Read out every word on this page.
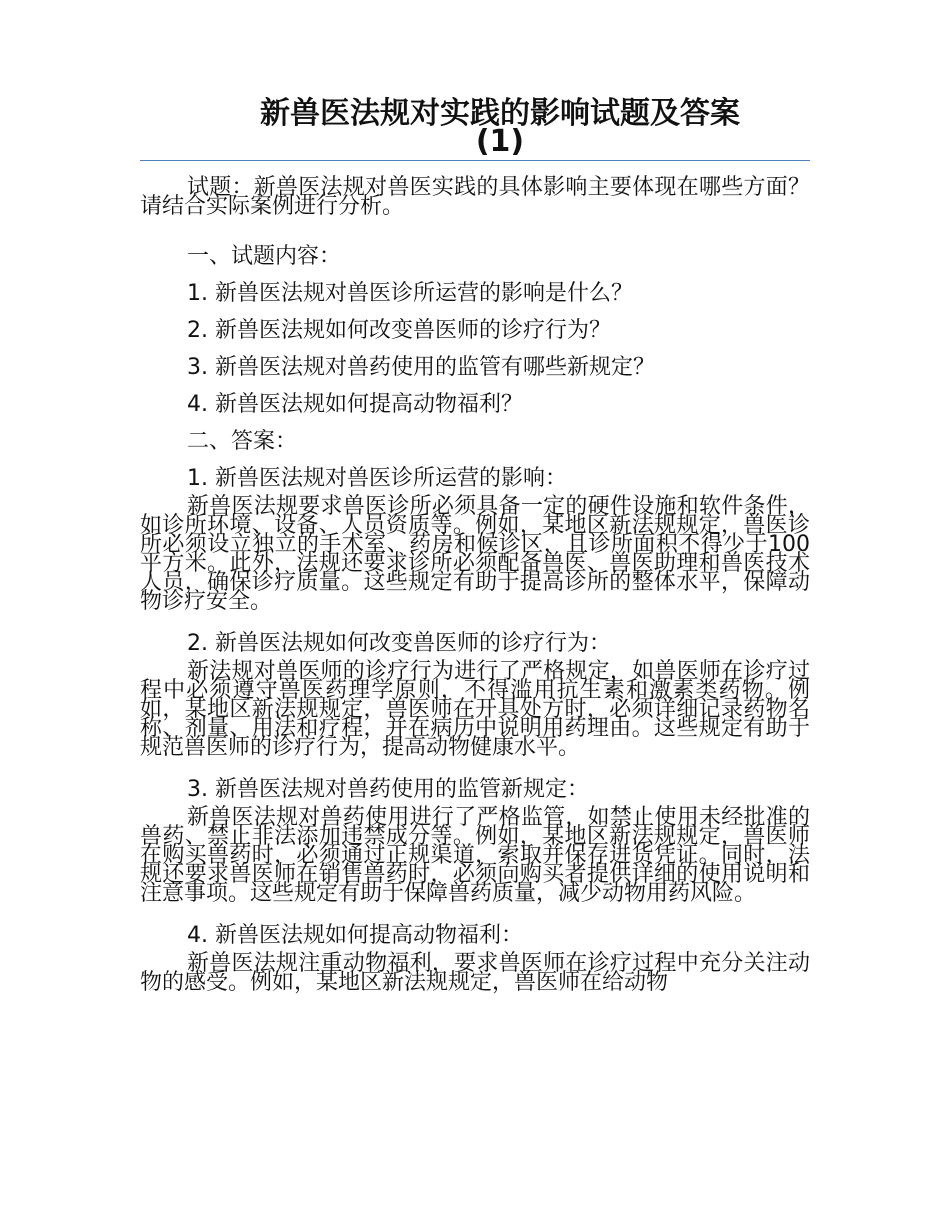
新兽医法规对实践的影响试题及答案
(1)

试题：新兽医法规对兽医实践的具体影响主要体现在哪些方面？请结合实际案例进行分析。

一、试题内容：

1. 新兽医法规对兽医诊所运营的影响是什么？

2. 新兽医法规如何改变兽医师的诊疗行为？

3. 新兽医法规对兽药使用的监管有哪些新规定？

4. 新兽医法规如何提高动物福利？

二、答案：

1. 新兽医法规对兽医诊所运营的影响：

新兽医法规要求兽医诊所必须具备一定的硬件设施和软件条件，如诊所环境、设备、人员资质等。例如，某地区新法规规定，兽医诊所必须设立独立的手术室、药房和候诊区，且诊所面积不得少于100平方米。此外，法规还要求诊所必须配备兽医、兽医助理和兽医技术人员，确保诊疗质量。这些规定有助于提高诊所的整体水平，保障动物诊疗安全。

2. 新兽医法规如何改变兽医师的诊疗行为：

新法规对兽医师的诊疗行为进行了严格规定，如兽医师在诊疗过程中必须遵守兽医药理学原则，不得滥用抗生素和激素类药物。例如，某地区新法规规定，兽医师在开具处方时，必须详细记录药物名称、剂量、用法和疗程，并在病历中说明用药理由。这些规定有助于规范兽医师的诊疗行为，提高动物健康水平。

3. 新兽医法规对兽药使用的监管新规定：

新兽医法规对兽药使用进行了严格监管，如禁止使用未经批准的兽药、禁止非法添加违禁成分等。例如，某地区新法规规定，兽医师在购买兽药时，必须通过正规渠道，索取并保存进货凭证。同时，法规还要求兽医师在销售兽药时，必须向购买者提供详细的使用说明和注意事项。这些规定有助于保障兽药质量，减少动物用药风险。

4. 新兽医法规如何提高动物福利：

新兽医法规注重动物福利，要求兽医师在诊疗过程中充分关注动物的感受。例如，某地区新法规规定，兽医师在给动物
